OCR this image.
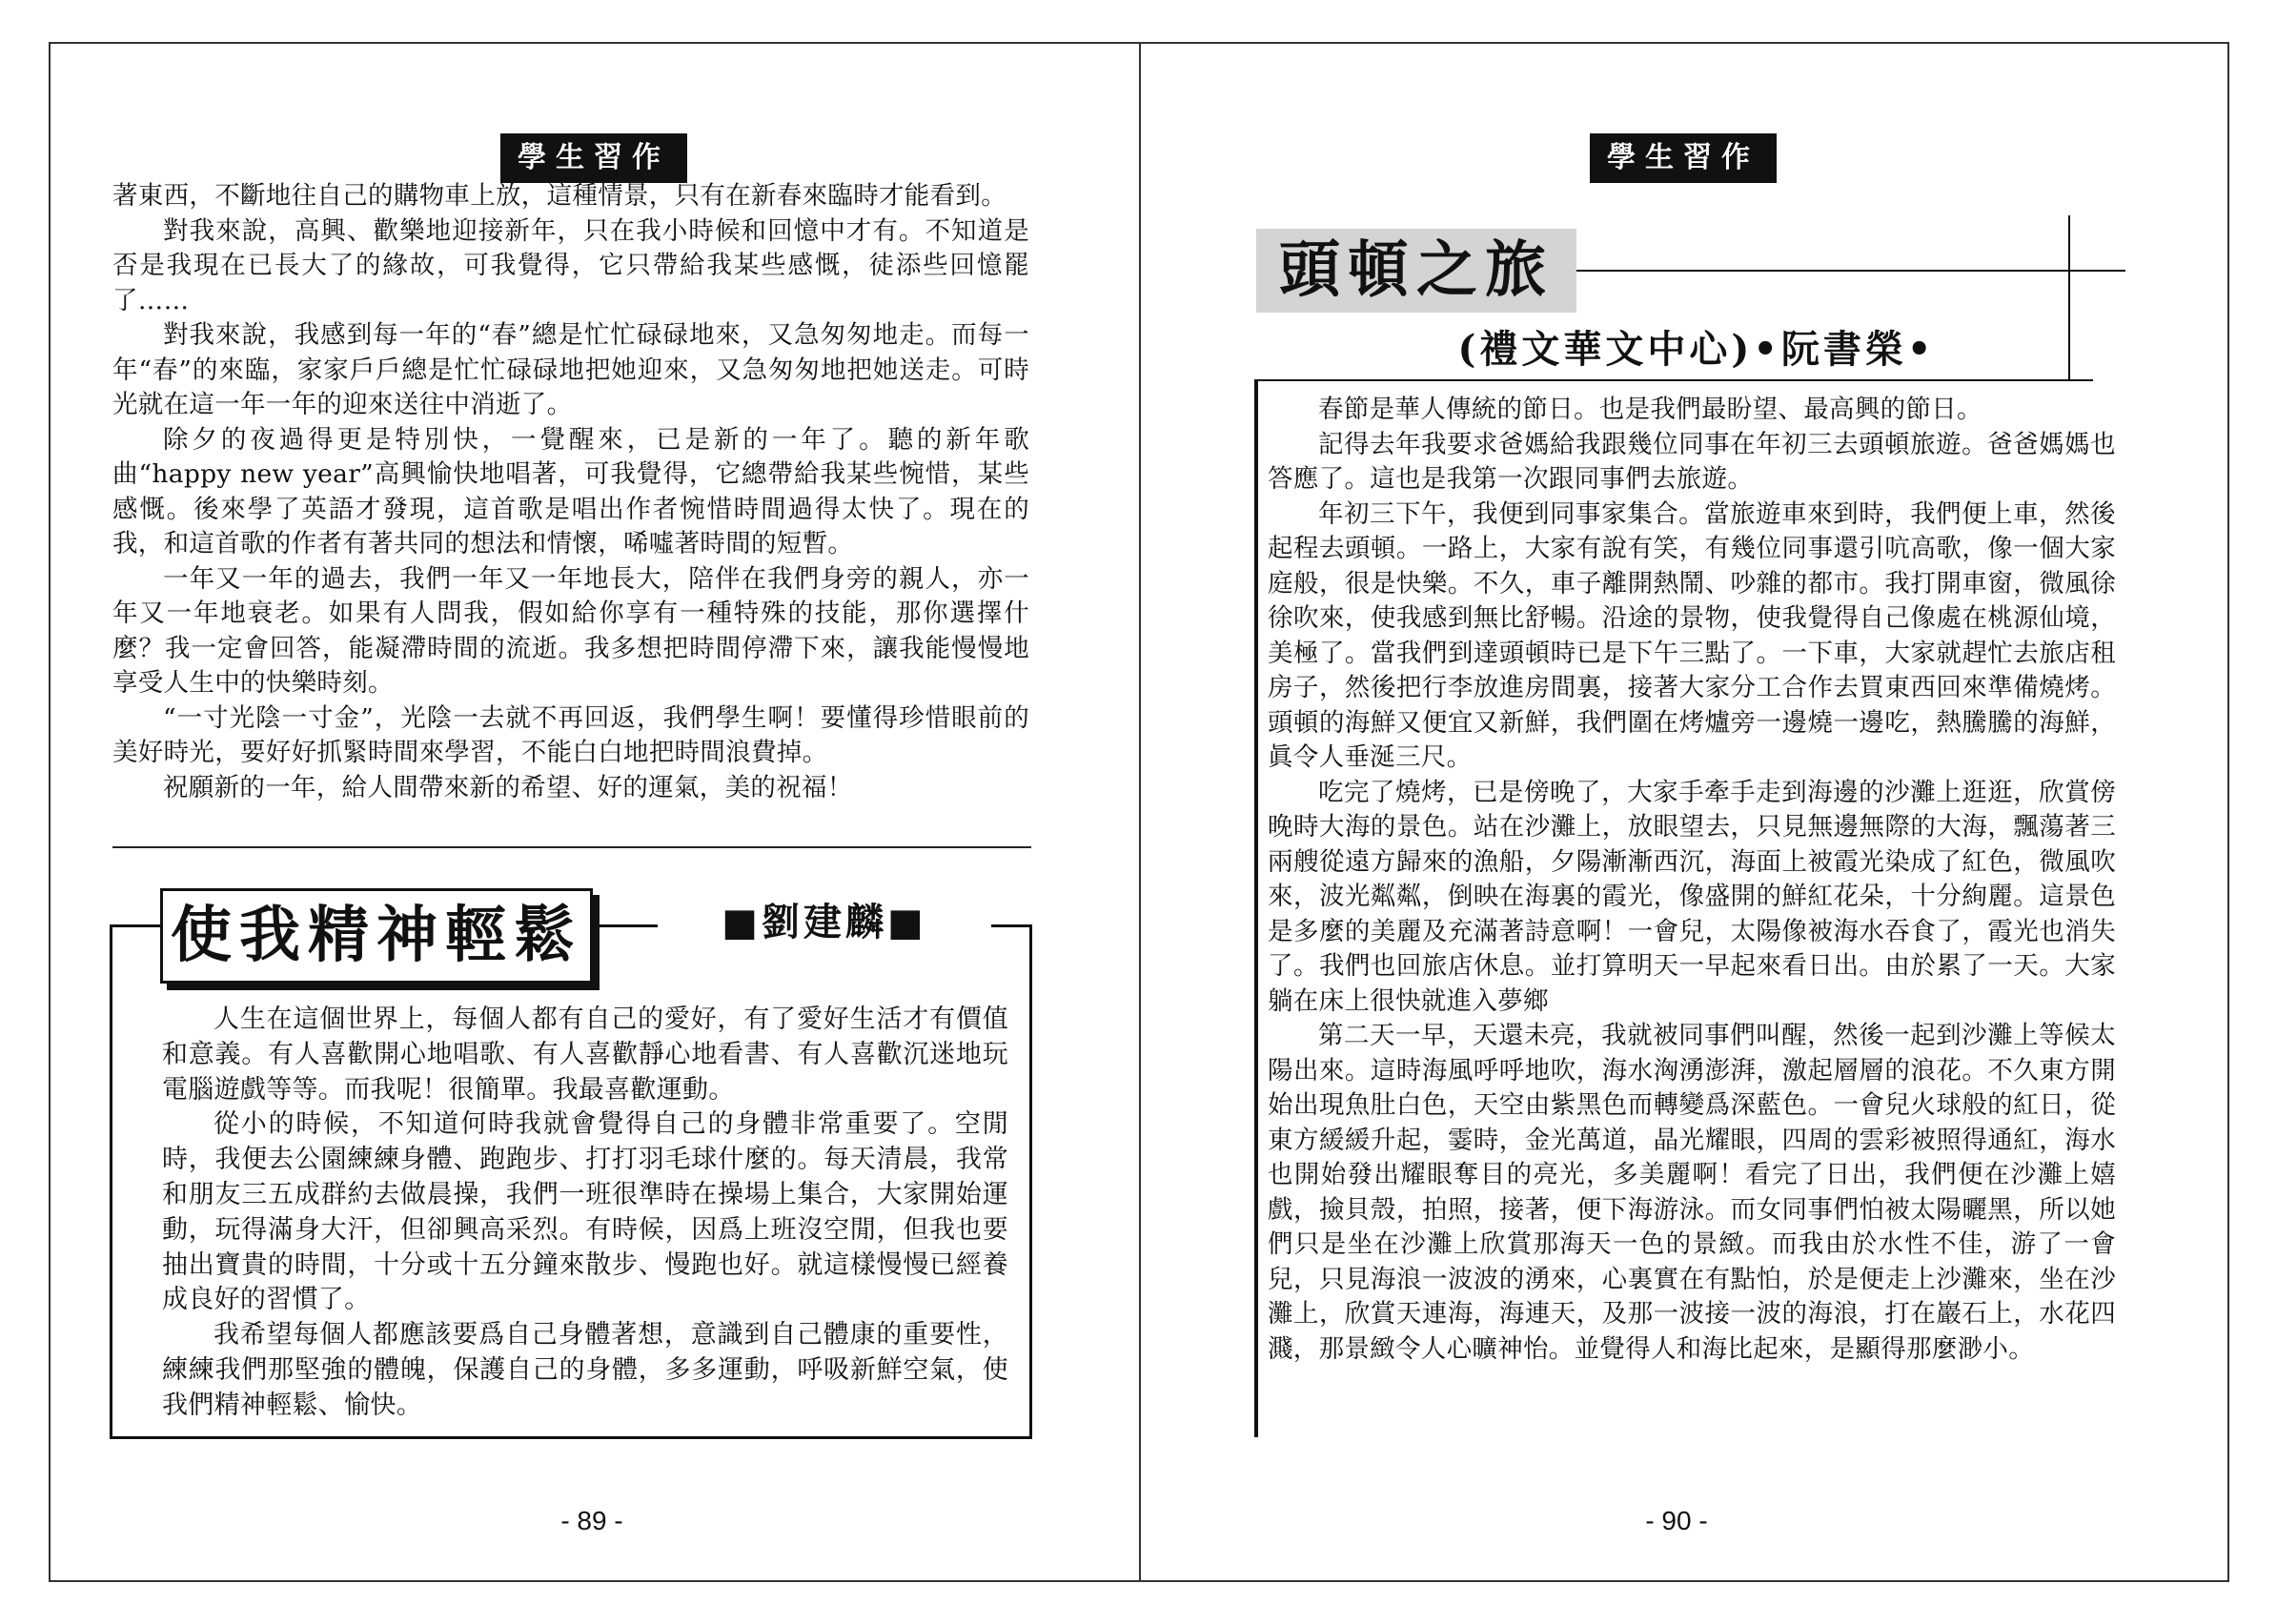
學生習作
- 89 -

著東西，不斷地往自己的購物車上放，這種情景，只有在新春來臨時才能看到。

對我來說，高興、歡樂地迎接新年，只在我小時候和回憶中才有。不知道是否是我現在已長大了的緣故，可我覺得，它只帶給我某些感慨，徒添些回憶罷了……

對我來說，我感到每一年的“春”總是忙忙碌碌地來，又急匆匆地走。而每一年“春”的來臨，家家戶戶總是忙忙碌碌地把她迎來，又急匆匆地把她送走。可時光就在這一年一年的迎來送往中消逝了。

除夕的夜過得更是特別快，一覺醒來，已是新的一年了。聽的新年歌曲“happy new year”高興愉快地唱著，可我覺得，它總帶給我某些惋惜，某些感慨。後來學了英語才發現，這首歌是唱出作者惋惜時間過得太快了。現在的我，和這首歌的作者有著共同的想法和情懷，唏噓著時間的短暫。

一年又一年的過去，我們一年又一年地長大，陪伴在我們身旁的親人，亦一年又一年地衰老。如果有人問我，假如給你享有一種特殊的技能，那你選擇什麼？我一定會回答，能凝滯時間的流逝。我多想把時間停滯下來，讓我能慢慢地享受人生中的快樂時刻。

“一寸光陰一寸金”，光陰一去就不再回返，我們學生啊！要懂得珍惜眼前的美好時光，要好好抓緊時間來學習，不能白白地把時間浪費掉。

祝願新的一年，給人間帶來新的希望、好的運氣，美的祝福！

使我精神輕鬆	■劉建麟■

人生在這個世界上，每個人都有自己的愛好，有了愛好生活才有價值和意義。有人喜歡開心地唱歌、有人喜歡靜心地看書、有人喜歡沉迷地玩電腦遊戲等等。而我呢！很簡單。我最喜歡運動。

從小的時候，不知道何時我就會覺得自己的身體非常重要了。空閒時，我便去公園練練身體、跑跑步、打打羽毛球什麼的。每天清晨，我常和朋友三五成群約去做晨操，我們一班很準時在操場上集合，大家開始運動，玩得滿身大汗，但卻興高采烈。有時候，因爲上班沒空閒，但我也要抽出寶貴的時間，十分或十五分鐘來散步、慢跑也好。就這樣慢慢已經養成良好的習慣了。

我希望每個人都應該要爲自己身體著想，意識到自己體康的重要性，練練我們那堅強的體魄，保護自己的身體，多多運動，呼吸新鮮空氣，使我們精神輕鬆、愉快。

學生習作
- 90 -
頭頓之旅
(禮文華文中心)•阮書榮•

春節是華人傳統的節日。也是我們最盼望、最高興的節日。

記得去年我要求爸媽給我跟幾位同事在年初三去頭頓旅遊。爸爸媽媽也答應了。這也是我第一次跟同事們去旅遊。

年初三下午，我便到同事家集合。當旅遊車來到時，我們便上車，然後起程去頭頓。一路上，大家有說有笑，有幾位同事還引吭高歌，像一個大家庭般，很是快樂。不久，車子離開熱鬧、吵雜的都市。我打開車窗，微風徐徐吹來，使我感到無比舒暢。沿途的景物，使我覺得自己像處在桃源仙境，美極了。當我們到達頭頓時已是下午三點了。一下車，大家就趕忙去旅店租房子，然後把行李放進房間裏，接著大家分工合作去買東西回來準備燒烤。頭頓的海鮮又便宜又新鮮，我們圍在烤爐旁一邊燒一邊吃，熱騰騰的海鮮，眞令人垂涎三尺。

吃完了燒烤，已是傍晚了，大家手牽手走到海邊的沙灘上逛逛，欣賞傍晚時大海的景色。站在沙灘上，放眼望去，只見無邊無際的大海，飄蕩著三兩艘從遠方歸來的漁船，夕陽漸漸西沉，海面上被霞光染成了紅色，微風吹來，波光粼粼，倒映在海裏的霞光，像盛開的鮮紅花朵，十分絢麗。這景色是多麼的美麗及充滿著詩意啊！一會兒，太陽像被海水吞食了，霞光也消失了。我們也回旅店休息。並打算明天一早起來看日出。由於累了一天。大家躺在床上很快就進入夢鄉

第二天一早，天還未亮，我就被同事們叫醒，然後一起到沙灘上等候太陽出來。這時海風呼呼地吹，海水洶湧澎湃，激起層層的浪花。不久東方開始出現魚肚白色，天空由紫黑色而轉變爲深藍色。一會兒火球般的紅日，從東方緩緩升起，霎時，金光萬道，晶光耀眼，四周的雲彩被照得通紅，海水也開始發出耀眼奪目的亮光，多美麗啊！看完了日出，我們便在沙灘上嬉戲，撿貝殼，拍照，接著，便下海游泳。而女同事們怕被太陽曬黑，所以她們只是坐在沙灘上欣賞那海天一色的景緻。而我由於水性不佳，游了一會兒，只見海浪一波波的湧來，心裏實在有點怕，於是便走上沙灘來，坐在沙灘上，欣賞天連海，海連天，及那一波接一波的海浪，打在巖石上，水花四濺，那景緻令人心曠神怡。並覺得人和海比起來，是顯得那麼渺小。
